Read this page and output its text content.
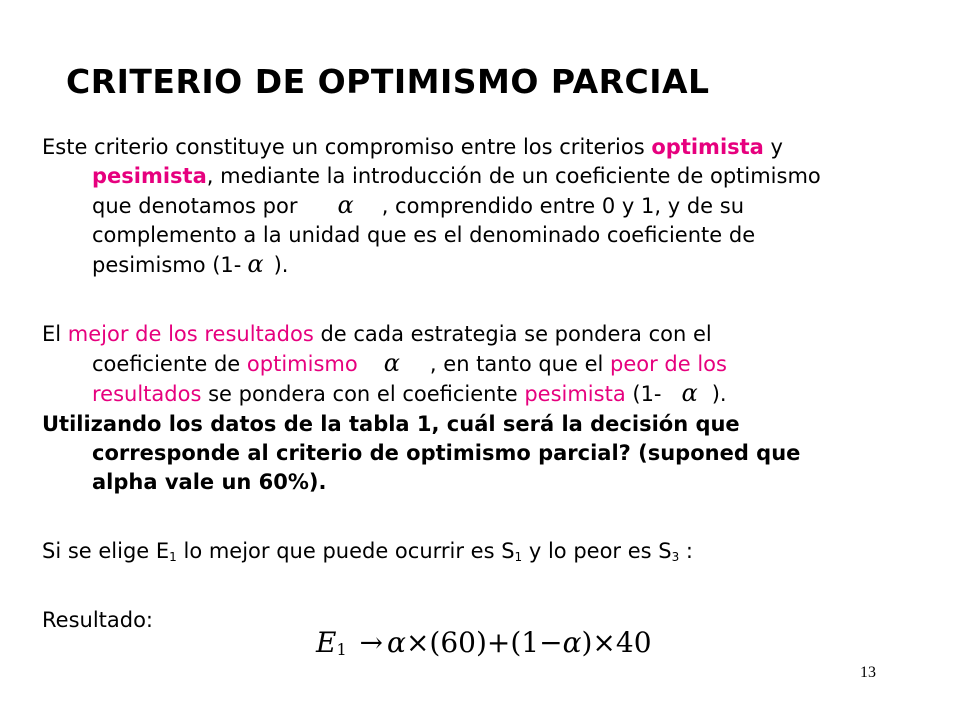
CRITERIO DE OPTIMISMO PARCIAL
Este criterio constituye un compromiso entre los criterios optimista y
pesimista, mediante la introducción de un coeficiente de optimismo
que denotamos por α , comprendido entre 0 y 1, y de su
complemento a la unidad que es el denominado coeficiente de
pesimismo (1- α ).
El mejor de los resultados de cada estrategia se pondera con el
coeficiente de optimismo α , en tanto que el peor de los
resultados se pondera con el coeficiente pesimista (1- α ).
Utilizando los datos de la tabla 1, cuál será la decisión que
corresponde al criterio de optimismo parcial? (suponed que
alpha vale un 60%).
Si se elige $E_1$ lo mejor que puede ocurrir es $S_1$ y lo peor es $S_3$ :
Resultado:
$E_1 \to \alpha\times(60)+(1-\alpha)\times 40$
13
